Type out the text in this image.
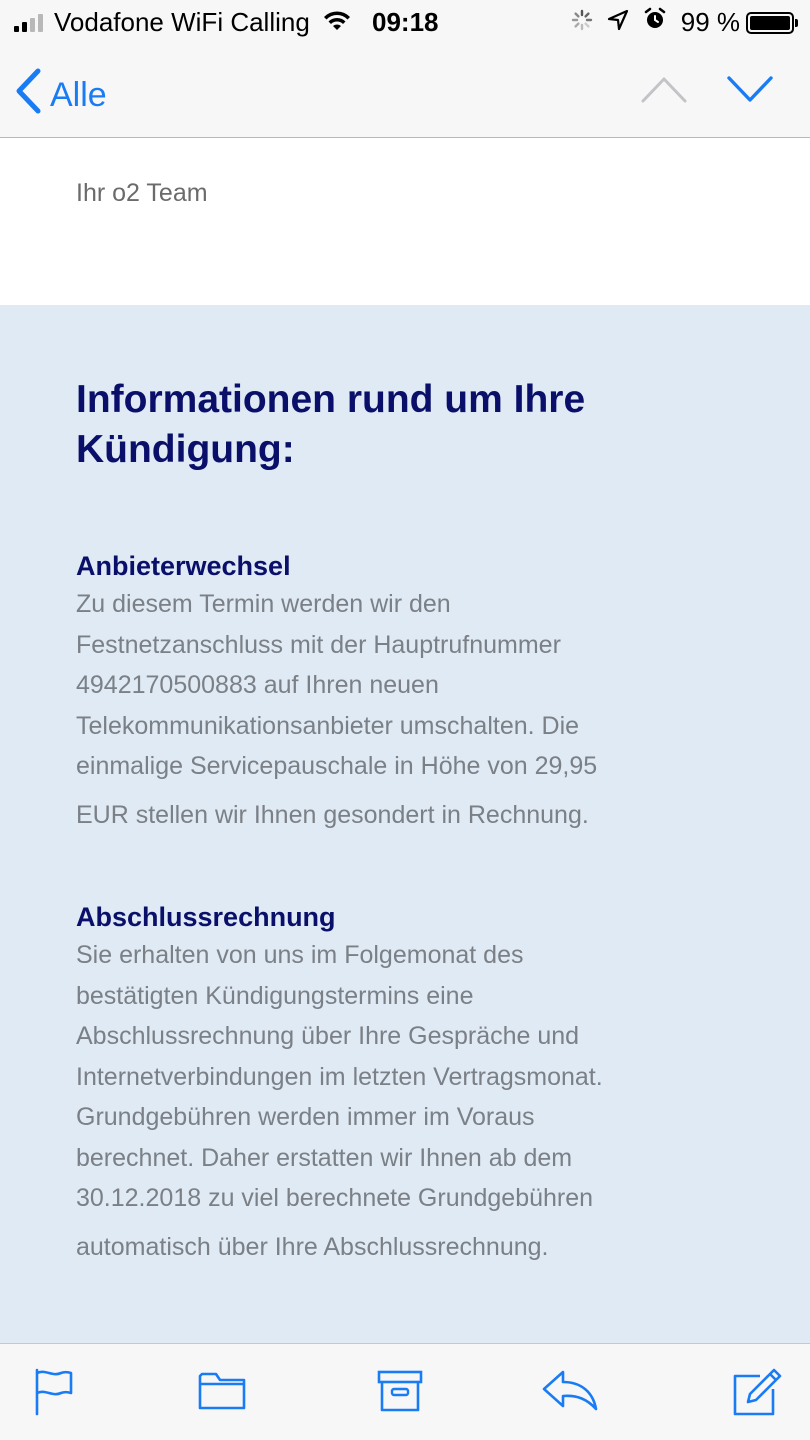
Vodafone WiFi Calling 09:18	99 %
Alle
Ihr o2 Team
Informationen rund um Ihre
Kündigung:
Anbieterwechsel

Zu diesem Termin werden wir den
Festnetzanschluss mit der Hauptrufnummer
4942170500883 auf Ihren neuen
Telekommunikationsanbieter umschalten. Die
einmalige Servicepauschale in Höhe von 29,95
EUR stellen wir Ihnen gesondert in Rechnung.

Abschlussrechnung

Sie erhalten von uns im Folgemonat des
bestätigten Kündigungstermins eine
Abschlussrechnung über Ihre Gespräche und
Internetverbindungen im letzten Vertragsmonat.
Grundgebühren werden immer im Voraus
berechnet. Daher erstatten wir Ihnen ab dem
30.12.2018 zu viel berechnete Grundgebühren
automatisch über Ihre Abschlussrechnung.
